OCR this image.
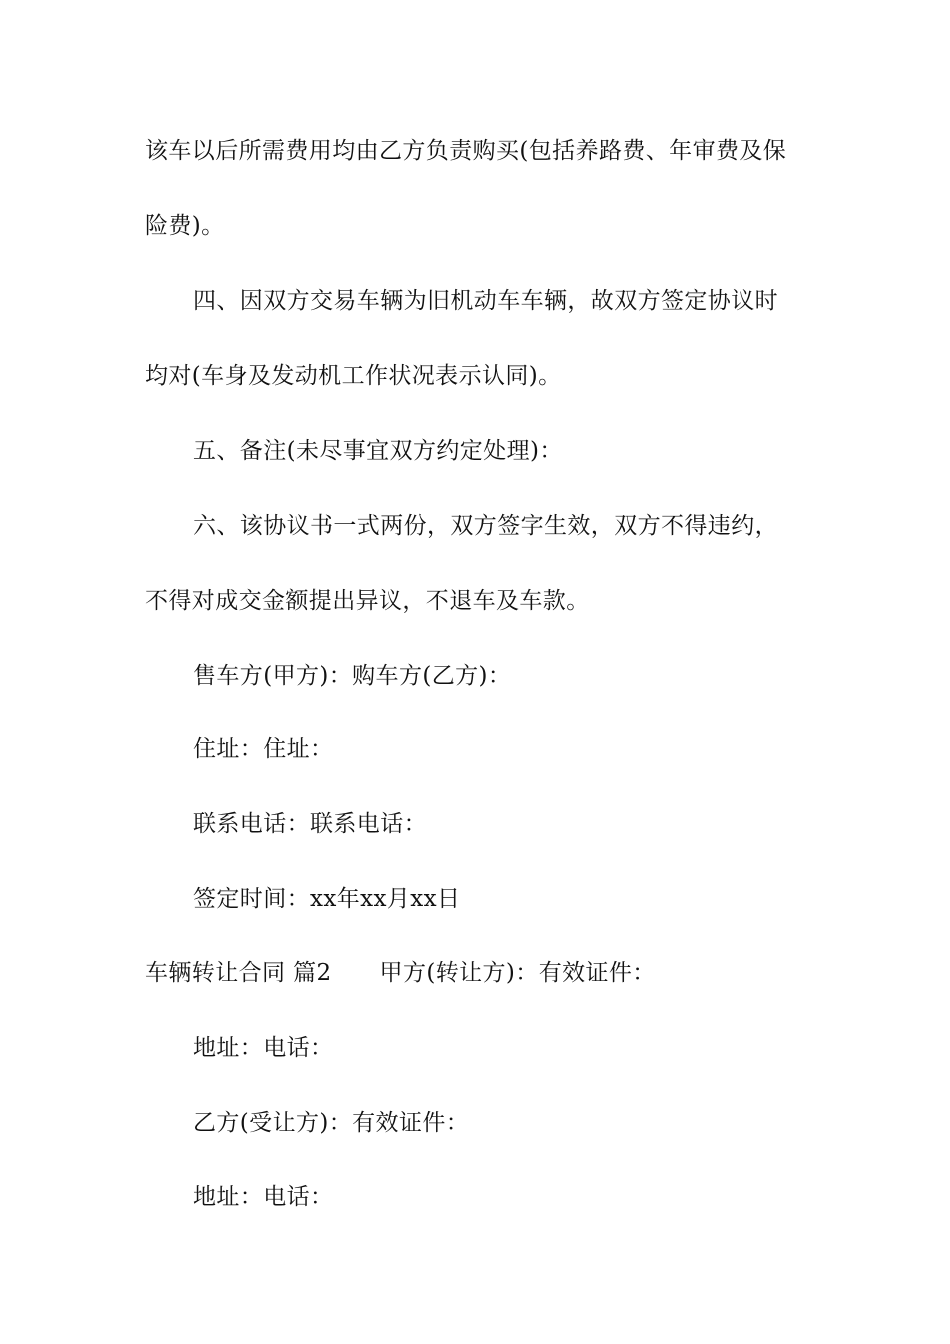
该车以后所需费用均由乙方负责购买(包括养路费、年审费及保
险费)。
四、因双方交易车辆为旧机动车车辆，故双方签定协议时
均对(车身及发动机工作状况表示认同)。
五、备注(未尽事宜双方约定处理)：
六、该协议书一式两份，双方签字生效，双方不得违约，
不得对成交金额提出异议，不退车及车款。
售车方(甲方)：购车方(乙方)：
住址：住址：
联系电话：联系电话：
签定时间：xx年xx月xx日
车辆转让合同 篇2 甲方(转让方)：有效证件：
地址：电话：
乙方(受让方)：有效证件：
地址：电话：
